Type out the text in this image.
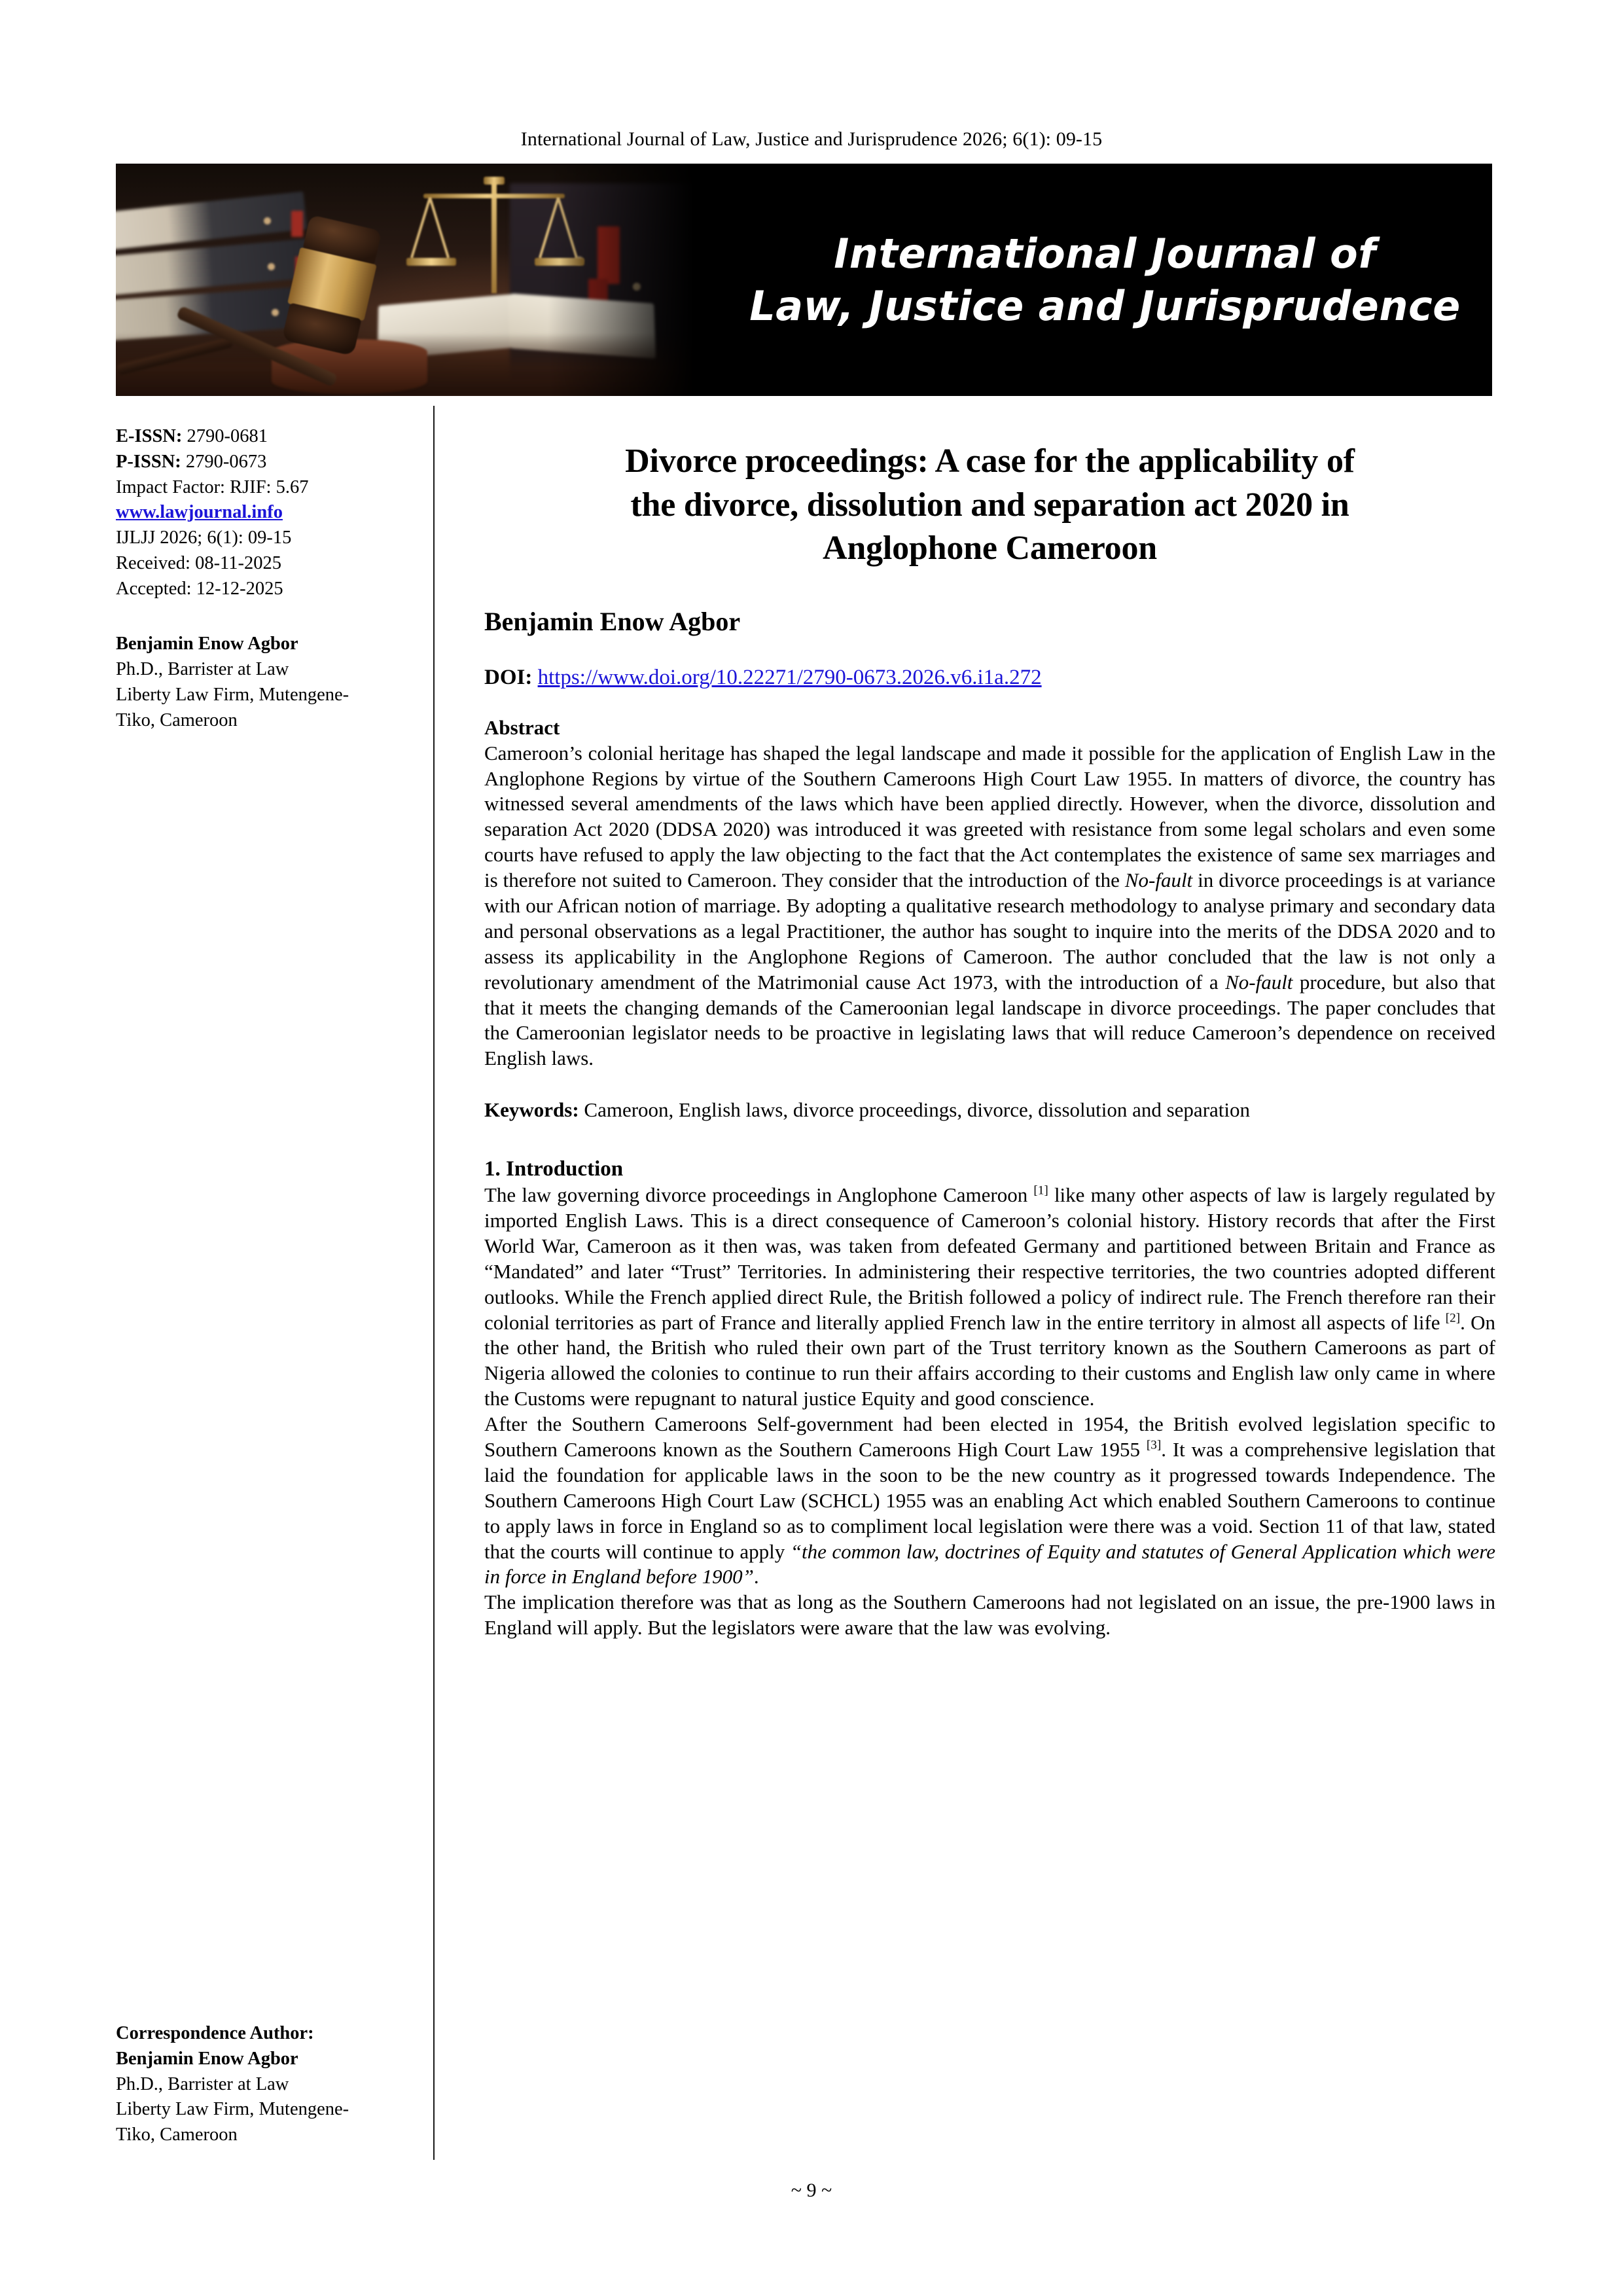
International Journal of Law, Justice and Jurisprudence 2026; 6(1): 09-15
International Journal of
Law, Justice and Jurisprudence
E-ISSN: 2790-0681
P-ISSN: 2790-0673
Impact Factor: RJIF: 5.67
www.lawjournal.info
IJLJJ 2026; 6(1): 09-15
Received: 08-11-2025
Accepted: 12-12-2025
Benjamin Enow Agbor
Ph.D., Barrister at Law
Liberty Law Firm, Mutengene-
Tiko, Cameroon
Correspondence Author:
Benjamin Enow Agbor
Ph.D., Barrister at Law
Liberty Law Firm, Mutengene-
Tiko, Cameroon
Divorce proceedings: A case for the applicability of
the divorce, dissolution and separation act 2020 in
Anglophone Cameroon
Benjamin Enow Agbor
DOI: https://www.doi.org/10.22271/2790-0673.2026.v6.i1a.272
Abstract

Cameroon’s colonial heritage has shaped the legal landscape and made it possible for the application of English Law in the Anglophone Regions by virtue of the Southern Cameroons High Court Law 1955. In matters of divorce, the country has witnessed several amendments of the laws which have been applied directly. However, when the divorce, dissolution and separation Act 2020 (DDSA 2020) was introduced it was greeted with resistance from some legal scholars and even some courts have refused to apply the law objecting to the fact that the Act contemplates the existence of same sex marriages and is therefore not suited to Cameroon. They consider that the introduction of the No-fault in divorce proceedings is at variance with our African notion of marriage. By adopting a qualitative research methodology to analyse primary and secondary data and personal observations as a legal Practitioner, the author has sought to inquire into the merits of the DDSA 2020 and to assess its applicability in the Anglophone Regions of Cameroon. The author concluded that the law is not only a revolutionary amendment of the Matrimonial cause Act 1973, with the introduction of a No-fault procedure, but also that that it meets the changing demands of the Cameroonian legal landscape in divorce proceedings. The paper concludes that the Cameroonian legislator needs to be proactive in legislating laws that will reduce Cameroon’s dependence on received English laws.

Keywords: Cameroon, English laws, divorce proceedings, divorce, dissolution and separation
1. Introduction

The law governing divorce proceedings in Anglophone Cameroon [1] like many other aspects of law is largely regulated by imported English Laws. This is a direct consequence of Cameroon’s colonial history. History records that after the First World War, Cameroon as it then was, was taken from defeated Germany and partitioned between Britain and France as “Mandated” and later “Trust” Territories. In administering their respective territories, the two countries adopted different outlooks. While the French applied direct Rule, the British followed a policy of indirect rule. The French therefore ran their colonial territories as part of France and literally applied French law in the entire territory in almost all aspects of life [2]. On the other hand, the British who ruled their own part of the Trust territory known as the Southern Cameroons as part of Nigeria allowed the colonies to continue to run their affairs according to their customs and English law only came in where the Customs were repugnant to natural justice Equity and good conscience.

After the Southern Cameroons Self-government had been elected in 1954, the British evolved legislation specific to Southern Cameroons known as the Southern Cameroons High Court Law 1955 [3]. It was a comprehensive legislation that laid the foundation for applicable laws in the soon to be the new country as it progressed towards Independence. The Southern Cameroons High Court Law (SCHCL) 1955 was an enabling Act which enabled Southern Cameroons to continue to apply laws in force in England so as to compliment local legislation were there was a void. Section 11 of that law, stated that the courts will continue to apply “the common law, doctrines of Equity and statutes of General Application which were in force in England before 1900”.

The implication therefore was that as long as the Southern Cameroons had not legislated on an issue, the pre-1900 laws in England will apply. But the legislators were aware that the law was evolving.

~ 9 ~
